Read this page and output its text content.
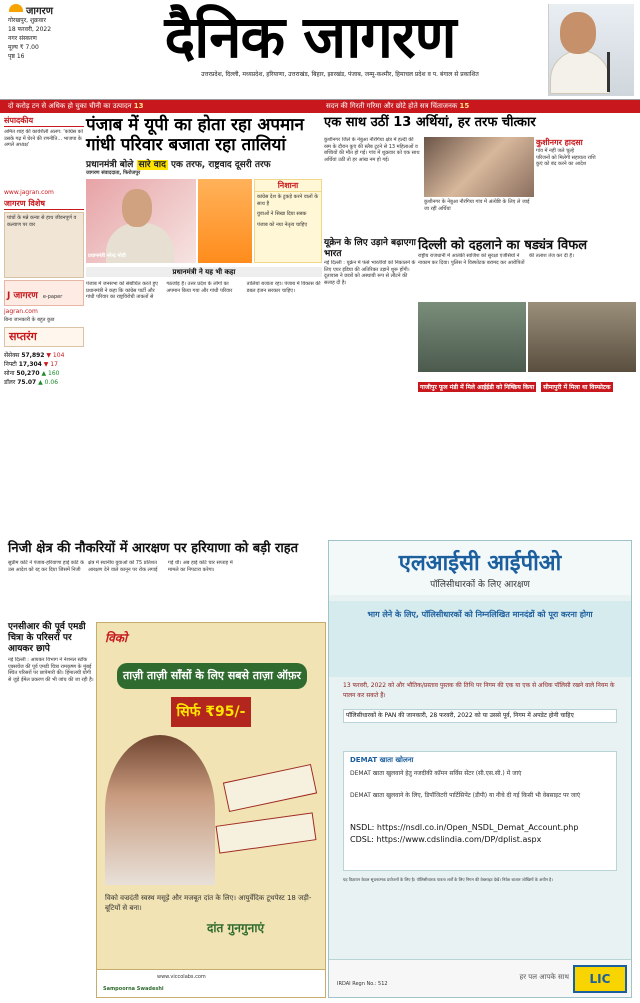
जागरण
गोरखपुर, शुक्रवार
18 फरवरी, 2022
नगर संस्करण
मूल्य ₹ 7.00
पृष्ठ 16	दैनिक जागरण
उत्तरप्रदेश, दिल्ली, मध्यप्रदेश, हरियाणा, उत्तराखंड, बिहार, झारखंड, पंजाब, जम्मू-कश्मीर, हिमाचल प्रदेश व प. बंगाल से प्रकाशित
दो करोड़ टन से अधिक हो चुका चीनी का उत्पादन 13	सदन की गिरती गरिमा और छोटे होते सत्र चिंताजनक 15
संपादकीय
अमित शाह की कार्यशैली अलग: ‘कांग्रेस को उसके गढ़ में घेरने की रणनीति... भाजपा के अगले अध्यक्ष’
www.jagran.com
जागरण विशेष
पांचों के मन्ने कन्या से हाथ जीवनपूर्ण व कल्याण पर वार
J जागरण e-paper
jagran.com
बिना जानकारी के बहुत कुछ
सप्तरंग
सेंसेक्स 57,892 ▼ 104
निफ्टी 17,304 ▼ 17
सोना 50,270 ▲ 160
डॉलर 75.07 ▲ 0.06
पंजाब में यूपी का होता रहा अपमान गांधी परिवार बजाता रहा तालियां
प्रधानमंत्री बोले सारे वाद एक तरफ, राष्ट्रवाद दूसरी तरफ
जागरण संवाददाता, फिरोजपुर
प्रधानमंत्री नरेन्द्र मोदी
निशाना
कांग्रेस देश के टुकड़े करने वालों के साथ है
युवाओं ने सिखा दिया सबक
पंजाब को नया नेतृत्व चाहिए
प्रधानमंत्री ने यह भी कहा
पंजाब में जनसभा को संबोधित करते हुए प्रधानमंत्री ने कहा कि कांग्रेस पार्टी और गांधी परिवार का राष्ट्रविरोधी ताकतों से गठजोड़ है। उत्तर प्रदेश के लोगों का अपमान किया गया और गांधी परिवार तालियां बजाता रहा। पंजाब में विकास की डबल इंजन सरकार चाहिए।
एक साथ उठीं 13 अर्थियां, हर तरफ चीत्कार
कुशीनगर जिले के नेबुआ नौरंगिया क्षेत्र में हल्दी की रस्म के दौरान कुएं की स्लैब टूटने से 13 महिलाओं व बच्चियों की मौत हो गई। गांव में शुक्रवार को एक साथ अर्थियां उठीं तो हर आंख नम हो गई।
कुशीनगर के नेबुआ नौरंगिया गांव में अंत्येष्टि के लिए ले जाई जा रहीं अर्थियां
कुशीनगर हादसा
गांव में नहीं जले चूल्हे
परिजनों को मिलेगी सहायता राशि
कुएं को बंद करने का आदेश
यूक्रेन के लिए उड़ाने बढ़ाएगा भारत
नई दिल्ली : यूक्रेन में फंसे भारतीयों को निकालने के लिए एयर इंडिया की अतिरिक्त उड़ानें शुरू होंगी। दूतावास ने छात्रों को अस्थायी रूप से लौटने की सलाह दी है।
दिल्ली को दहलाने का षड्यंत्र विफल
राष्ट्रीय राजधानी में आतंकी साजिश को सुरक्षा एजेंसियों ने नाकाम कर दिया। पुलिस ने विस्फोटक बरामद कर आरोपितों की तलाश तेज कर दी है।
गाजीपुर फूल मंडी में मिले आईईडी को निष्क्रिय किया सीमापुरी में मिला था विस्फोटक
निजी क्षेत्र की नौकरियों में आरक्षण पर हरियाणा को बड़ी राहत
सुप्रीम कोर्ट ने पंजाब-हरियाणा हाई कोर्ट के उस आदेश को रद्द कर दिया जिसमें निजी क्षेत्र में स्थानीय युवाओं को 75 प्रतिशत आरक्षण देने वाले कानून पर रोक लगाई गई थी। अब हाई कोर्ट चार सप्ताह में मामले का निपटारा करेगा।
एनसीआर की पूर्व एमडी चित्रा के परिसरों पर आयकर छापे
नई दिल्ली : आयकर विभाग ने नेशनल स्टॉक एक्सचेंज की पूर्व एमडी चित्रा रामकृष्ण के मुंबई स्थित परिसरों पर छापेमारी की। हिमालयी योगी से जुड़े ईमेल प्रकरण की भी जांच की जा रही है।
विको
ताज़ी ताज़ी साँसों के लिए सबसे ताज़ा ऑफ़र
सिर्फ ₹95/-
विको वज्रदंती स्वस्थ मसूड़े और मजबूत दांत के लिए। आयुर्वेदिक टूथपेस्ट 18 जड़ी-बूटियों से बना।
दांत गुनगुनाएं
www.viccolabs.com
Sampoorna Swadeshi
एलआईसी आईपीओ
पॉलिसीधारकों के लिए आरक्षण
भाग लेने के लिए, पॉलिसीधारकों को निम्नलिखित मानदंडों को पूरा करना होगा
13 फरवरी, 2022 को और भौतिक/प्रस्ताव पुस्तक की तिथि पर निगम की एक या एक से अधिक पॉलिसी रखने वाले नियम के पालन कर सकते हैं।
पॉलिसीधारकों के PAN की जानकारी, 28 फरवरी, 2022 को या उससे पूर्व, निगम में अपडेट होनी चाहिए
DEMAT खाता खोलना
DEMAT खाता खुलवाने हेतु नजदीकी कॉमन सर्विस सेंटर (सी.एस.सी.) में जाएं
DEMAT खाता खुलवाने के लिए, डिपॉजिटरी पार्टिसिपेंट (डीपी) या नीचे दी गई किसी भी वेबसाइट पर जाएं
NSDL: https://nsdl.co.in/Open_NSDL_Demat_Account.php
CDSL: https://www.cdslindia.com/DP/dplist.aspx
यह विज्ञापन केवल सूचनात्मक प्रयोजनों के लिए है। पॉलिसीधारक पात्रता शर्तों के लिए निगम की वेबसाइट देखें। निवेश बाजार जोखिमों के अधीन है।
IRDAI Regn No.: 512
हर पल आपके साथ	LIC
